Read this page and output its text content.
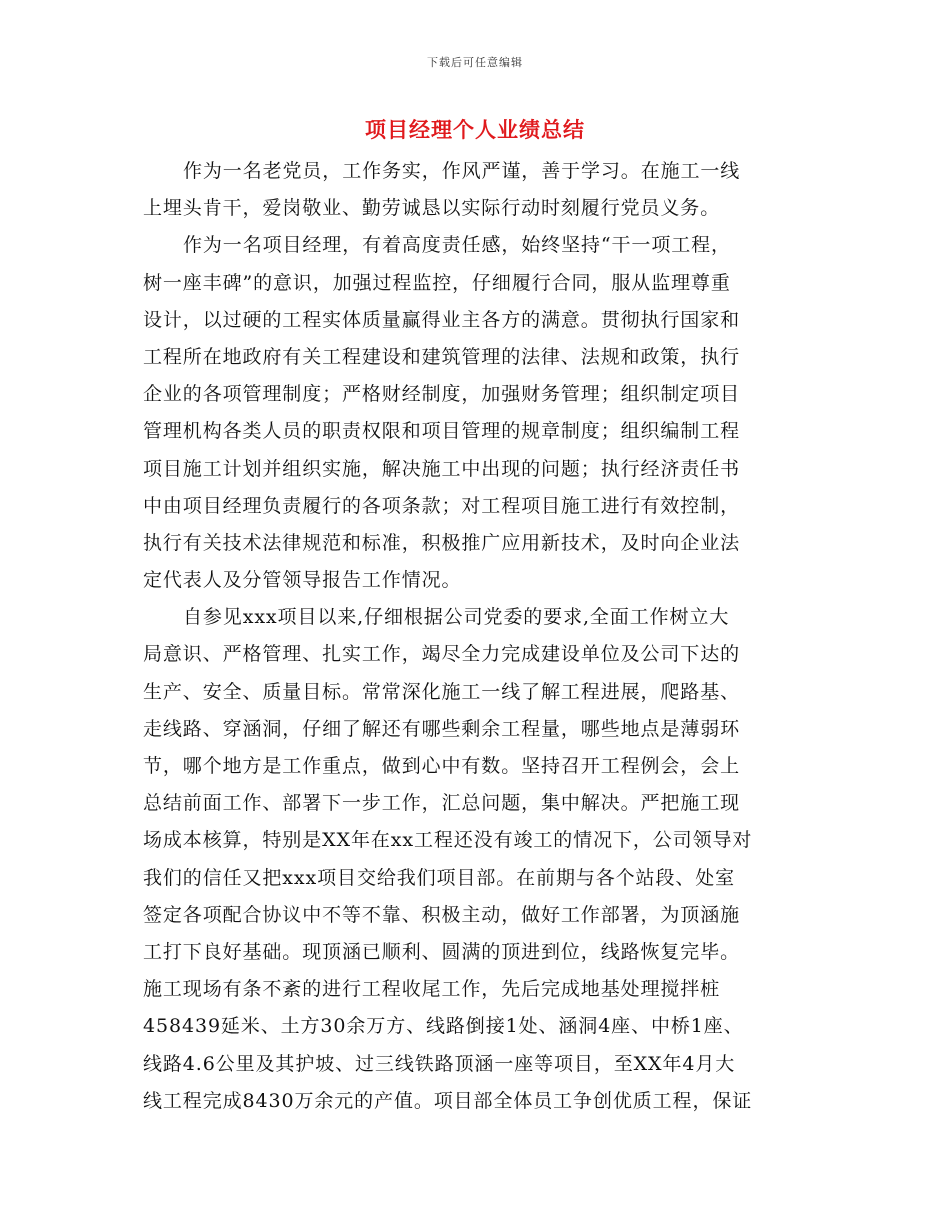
下载后可任意编辑
项目经理个人业绩总结
作为一名老党员，工作务实，作风严谨，善于学习。在施工一线
上埋头肯干，爱岗敬业、勤劳诚恳以实际行动时刻履行党员义务。
作为一名项目经理，有着高度责任感，始终坚持“干一项工程，
树一座丰碑”的意识，加强过程监控，仔细履行合同，服从监理尊重
设计，以过硬的工程实体质量赢得业主各方的满意。贯彻执行国家和
工程所在地政府有关工程建设和建筑管理的法律、法规和政策，执行
企业的各项管理制度；严格财经制度，加强财务管理；组织制定项目
管理机构各类人员的职责权限和项目管理的规章制度；组织编制工程
项目施工计划并组织实施，解决施工中出现的问题；执行经济责任书
中由项目经理负责履行的各项条款；对工程项目施工进行有效控制，
执行有关技术法律规范和标准，积极推广应用新技术，及时向企业法
定代表人及分管领导报告工作情况。
自参见xxx项目以来,仔细根据公司党委的要求,全面工作树立大
局意识、严格管理、扎实工作，竭尽全力完成建设单位及公司下达的
生产、安全、质量目标。常常深化施工一线了解工程进展，爬路基、
走线路、穿涵洞，仔细了解还有哪些剩余工程量，哪些地点是薄弱环
节，哪个地方是工作重点，做到心中有数。坚持召开工程例会，会上
总结前面工作、部署下一步工作，汇总问题，集中解决。严把施工现
场成本核算，特别是XX年在xx工程还没有竣工的情况下，公司领导对
我们的信任又把xxx项目交给我们项目部。在前期与各个站段、处室
签定各项配合协议中不等不靠、积极主动，做好工作部署，为顶涵施
工打下良好基础。现顶涵已顺利、圆满的顶进到位，线路恢复完毕。
施工现场有条不紊的进行工程收尾工作，先后完成地基处理搅拌桩
458439延米、土方30余万方、线路倒接1处、涵洞4座、中桥1座、
线路4.6公里及其护坡、过三线铁路顶涵一座等项目，至XX年4月大
线工程完成8430万余元的产值。项目部全体员工争创优质工程，保证
